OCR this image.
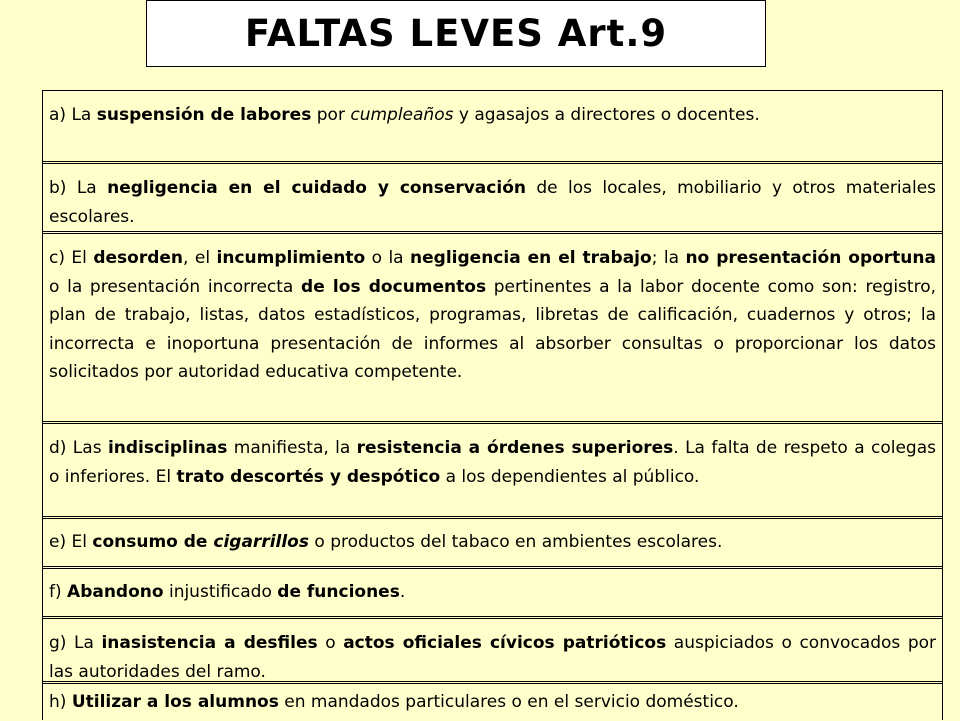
FALTAS LEVES Art.9
a) La suspensión de labores por cumpleaños y agasajos a directores o docentes.
b) La negligencia en el cuidado y conservación de los locales, mobiliario y otros materiales escolares.
c) El desorden, el incumplimiento o la negligencia en el trabajo; la no presentación oportuna o la presentación incorrecta de los documentos pertinentes a la labor docente como son: registro, plan de trabajo, listas, datos estadísticos, programas, libretas de calificación, cuadernos y otros; la incorrecta e inoportuna presentación de informes al absorber consultas o proporcionar los datos solicitados por autoridad educativa competente.
d) Las indisciplinas manifiesta, la resistencia a órdenes superiores. La falta de respeto a colegas o inferiores. El trato descortés y despótico a los dependientes al público.
e) El consumo de cigarrillos o productos del tabaco en ambientes escolares.
f) Abandono injustificado de funciones.
g) La inasistencia a desfiles o actos oficiales cívicos patrióticos auspiciados o convocados por las autoridades del ramo.
h) Utilizar a los alumnos en mandados particulares o en el servicio doméstico.
